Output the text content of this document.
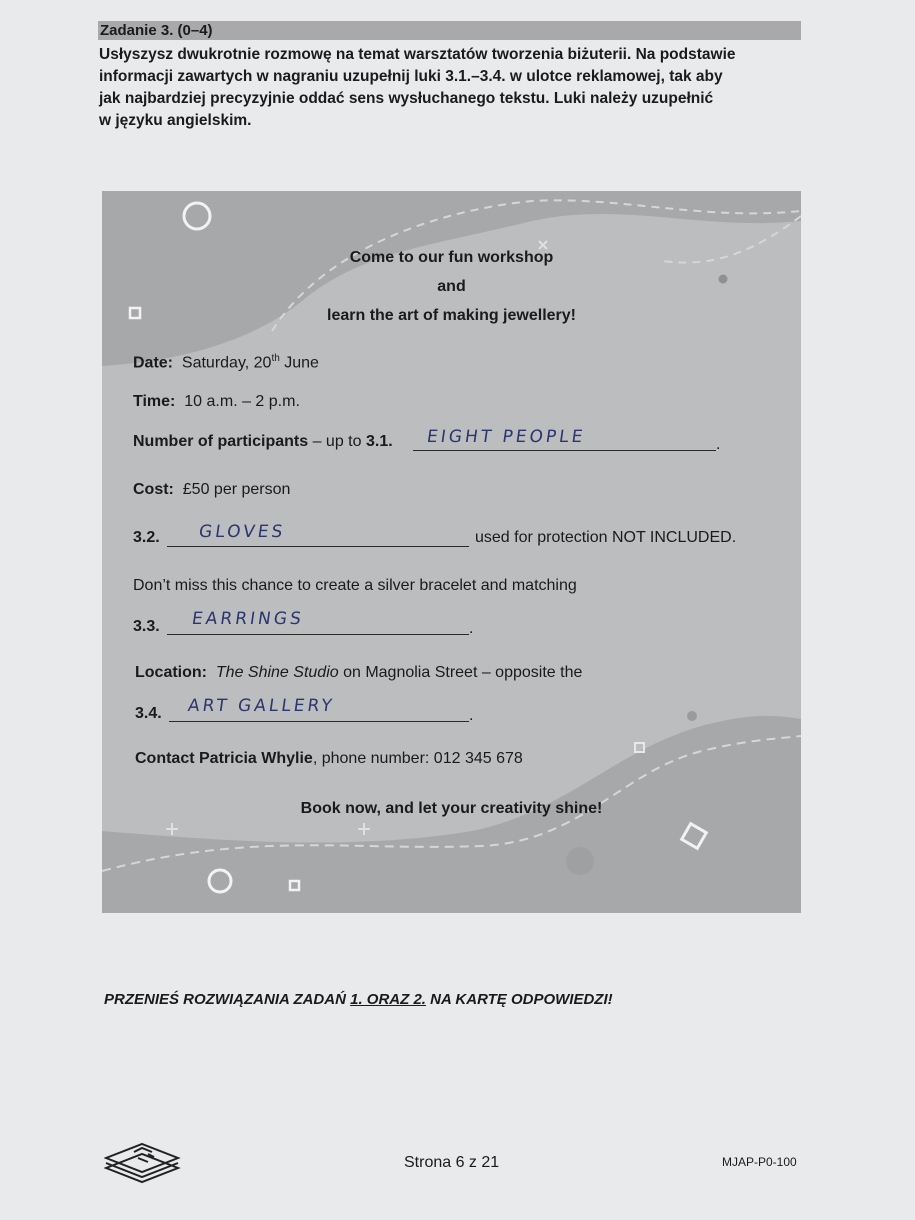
Zadanie 3. (0–4)
Usłyszysz dwukrotnie rozmowę na temat warsztatów tworzenia biżuterii. Na podstawie
informacji zawartych w nagraniu uzupełnij luki 3.1.–3.4. w ulotce reklamowej, tak aby
jak najbardziej precyzyjnie oddać sens wysłuchanego tekstu. Luki należy uzupełnić
w języku angielskim.
Come to our fun workshop
and
learn the art of making jewellery!
Date: Saturday, 20th June
Time: 10 a.m. – 2 p.m.
Number of participants – up to 3.1.	.
EIGHT PEOPLE
Cost: £50 per person
3.2. GLOVES	used for protection NOT INCLUDED.
Don’t miss this chance to create a silver bracelet and matching
3.3.	.
EARRINGS
Location: The Shine Studio on Magnolia Street – opposite the
3.4.	.
ART GALLERY
Contact Patricia Whylie, phone number: 012 345 678
Book now, and let your creativity shine!
PRZENIEŚ ROZWIĄZANIA ZADAŃ 1. ORAZ 2. NA KARTĘ ODPOWIEDZI!
Strona 6 z 21	MJAP-P0-100
